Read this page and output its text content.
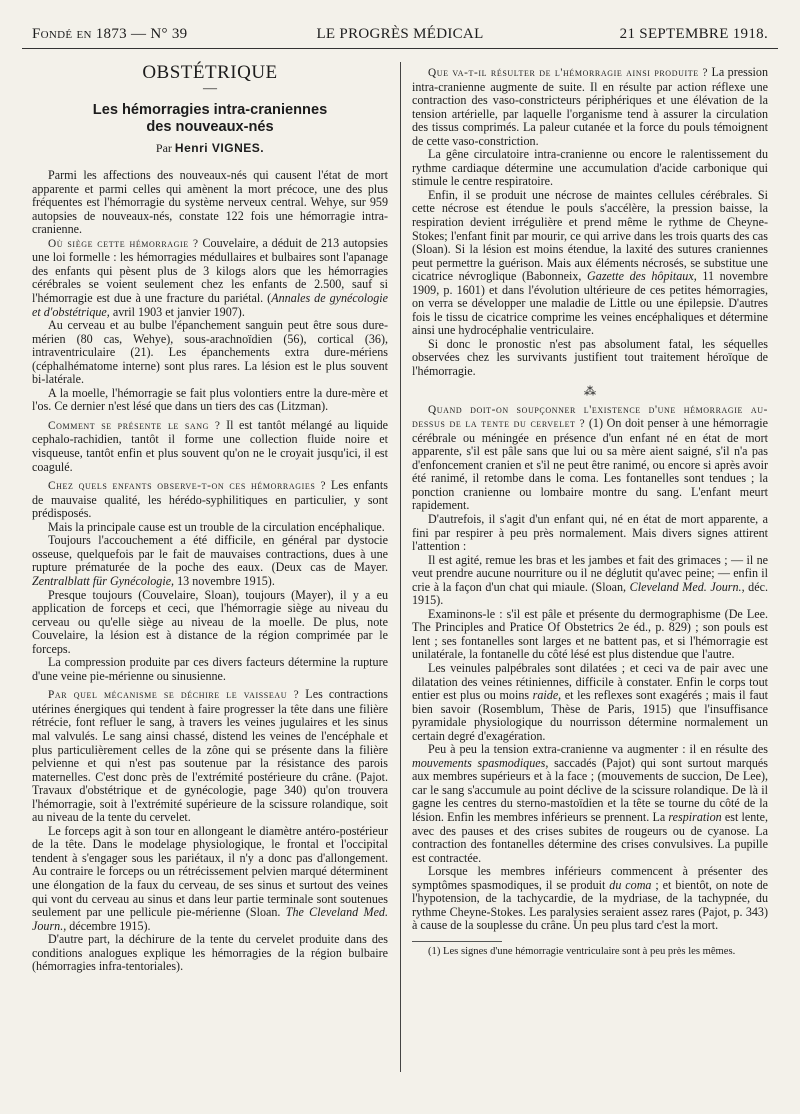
Fondé en 1873 — N° 39	LE PROGRÈS MÉDICAL	21 SEPTEMBRE 1918.

OBSTÉTRIQUE

—
Les hémorragies intra-craniennes
des nouveaux-nés
Par Henri VIGNES.

Parmi les affections des nouveaux-nés qui causent l'état de mort apparente et parmi celles qui amènent la mort précoce, une des plus fréquentes est l'hémorragie du système nerveux central. Wehye, sur 959 autopsies de nouveaux-nés, constate 122 fois une hémorragie intra-cranienne.

Où siège cette hémorragie ? Couvelaire, a déduit de 213 autopsies une loi formelle : les hémorragies médullaires et bulbaires sont l'apanage des enfants qui pèsent plus de 3 kilogs alors que les hémorragies cérébrales se voient seulement chez les enfants de 2.500, sauf si l'hémorragie est due à une fracture du pariétal. (Annales de gynécologie et d'obstétrique, avril 1903 et janvier 1907).

Au cerveau et au bulbe l'épanchement sanguin peut être sous dure-mérien (80 cas, Wehye), sous-arachnoïdien (56), cortical (36), intraventriculaire (21). Les épanchements extra dure-mériens (céphalhématome interne) sont plus rares. La lésion est le plus souvent bi-latérale.

A la moelle, l'hémorragie se fait plus volontiers entre la dure-mère et l'os. Ce dernier n'est lésé que dans un tiers des cas (Litzman).

Comment se présente le sang ? Il est tantôt mélangé au liquide cephalo-rachidien, tantôt il forme une collection fluide noire et visqueuse, tantôt enfin et plus souvent qu'on ne le croyait jusqu'ici, il est coagulé.

Chez quels enfants observe-t-on ces hémorragies ? Les enfants de mauvaise qualité, les hérédo-syphilitiques en particulier, y sont prédisposés.

Mais la principale cause est un trouble de la circulation encéphalique.

Toujours l'accouchement a été difficile, en général par dystocie osseuse, quelquefois par le fait de mauvaises contractions, dues à une rupture prématurée de la poche des eaux. (Deux cas de Mayer. Zentralblatt für Gynécologie, 13 novembre 1915).

Presque toujours (Couvelaire, Sloan), toujours (Mayer), il y a eu application de forceps et ceci, que l'hémorragie siège au niveau du cerveau ou qu'elle siège au niveau de la moelle. De plus, note Couvelaire, la lésion est à distance de la région comprimée par le forceps.

La compression produite par ces divers facteurs détermine la rupture d'une veine pie-mérienne ou sinusienne.

Par quel mécanisme se déchire le vaisseau ? Les contractions utérines énergiques qui tendent à faire progresser la tête dans une filière rétrécie, font refluer le sang, à travers les veines jugulaires et les sinus mal valvulés. Le sang ainsi chassé, distend les veines de l'encéphale et plus particulièrement celles de la zône qui se présente dans la filière pelvienne et qui n'est pas soutenue par la résistance des parois maternelles. C'est donc près de l'extrémité postérieure du crâne. (Pajot. Travaux d'obstétrique et de gynécologie, page 340) qu'on trouvera l'hémorragie, soit à l'extrémité supérieure de la scissure rolandique, soit au niveau de la tente du cervelet.

Le forceps agit à son tour en allongeant le diamètre antéro-postérieur de la tête. Dans le modelage physiologique, le frontal et l'occipital tendent à s'engager sous les pariétaux, il n'y a donc pas d'allongement. Au contraire le forceps ou un rétrécissement pelvien marqué déterminent une élongation de la faux du cerveau, de ses sinus et surtout des veines qui vont du cerveau au sinus et dans leur partie terminale sont soutenues seulement par une pellicule pie-mérienne (Sloan. The Cleveland Med. Journ., décembre 1915).

D'autre part, la déchirure de la tente du cervelet produite dans des conditions analogues explique les hémorragies de la région bulbaire (hémorragies infra-tentoriales).

Que va-t-il résulter de l'hémorragie ainsi produite ? La pression intra-cranienne augmente de suite. Il en résulte par action réflexe une contraction des vaso-constricteurs périphériques et une élévation de la tension artérielle, par laquelle l'organisme tend à assurer la circulation des tissus comprimés. La paleur cutanée et la force du pouls témoignent de cette vaso-constriction.

La gêne circulatoire intra-cranienne ou encore le ralentissement du rythme cardiaque détermine une accumulation d'acide carbonique qui stimule le centre respiratoire.

Enfin, il se produit une nécrose de maintes cellules cérébrales. Si cette nécrose est étendue le pouls s'accélère, la pression baisse, la respiration devient irrégulière et prend même le rythme de Cheyne-Stokes; l'enfant finit par mourir, ce qui arrive dans les trois quarts des cas (Sloan). Si la lésion est moins étendue, la laxité des sutures craniennes peut permettre la guérison. Mais aux éléments nécrosés, se substitue une cicatrice névroglique (Babonneix, Gazette des hôpitaux, 11 novembre 1909, p. 1601) et dans l'évolution ultérieure de ces petites hémorragies, on verra se développer une maladie de Little ou une épilepsie. D'autres fois le tissu de cicatrice comprime les veines encéphaliques et détermine ainsi une hydrocéphalie ventriculaire.

Si donc le pronostic n'est pas absolument fatal, les séquelles observées chez les survivants justifient tout traitement héroïque de l'hémorragie.

⁂

Quand doit-on soupçonner l'existence d'une hémorragie au-dessus de la tente du cervelet ? (1) On doit penser à une hémorragie cérébrale ou méningée en présence d'un enfant né en état de mort apparente, s'il est pâle sans que lui ou sa mère aient saigné, s'il n'a pas d'enfoncement cranien et s'il ne peut être ranimé, ou encore si après avoir été ranimé, il retombe dans le coma. Les fontanelles sont tendues ; la ponction cranienne ou lombaire montre du sang. L'enfant meurt rapidement.

D'autrefois, il s'agit d'un enfant qui, né en état de mort apparente, a fini par respirer à peu près normalement. Mais divers signes attirent l'attention :

Il est agité, remue les bras et les jambes et fait des grimaces ; — il ne veut prendre aucune nourriture ou il ne déglutit qu'avec peine; — enfin il crie à la façon d'un chat qui miaule. (Sloan, Cleveland Med. Journ., déc. 1915).

Examinons-le : s'il est pâle et présente du dermographisme (De Lee. The Principles and Pratice Of Obstetrics 2e éd., p. 829) ; son pouls est lent ; ses fontanelles sont larges et ne battent pas, et si l'hémorragie est unilatérale, la fontanelle du côté lésé est plus distendue que l'autre.

Les veinules palpébrales sont dilatées ; et ceci va de pair avec une dilatation des veines rétiniennes, difficile à constater. Enfin le corps tout entier est plus ou moins raide, et les reflexes sont exagérés ; mais il faut bien savoir (Rosemblum, Thèse de Paris, 1915) que l'insuffisance pyramidale physiologique du nourrisson détermine normalement un certain degré d'exagération.

Peu à peu la tension extra-cranienne va augmenter : il en résulte des mouvements spasmodiques, saccadés (Pajot) qui sont surtout marqués aux membres supérieurs et à la face ; (mouvements de succion, De Lee), car le sang s'accumule au point déclive de la scissure rolandique. De là il gagne les centres du sterno-mastoïdien et la tête se tourne du côté de la lésion. Enfin les membres inférieurs se prennent. La respiration est lente, avec des pauses et des crises subites de rougeurs ou de cyanose. La contraction des fontanelles détermine des crises convulsives. La pupille est contractée.

Lorsque les membres inférieurs commencent à présenter des symptômes spasmodiques, il se produit du coma ; et bientôt, on note de l'hypotension, de la tachycardie, de la mydriase, de la tachypnée, du rythme Cheyne-Stokes. Les paralysies seraient assez rares (Pajot, p. 343) à cause de la souplesse du crâne. Un peu plus tard c'est la mort.

(1) Les signes d'une hémorragie ventriculaire sont à peu près les mêmes.
